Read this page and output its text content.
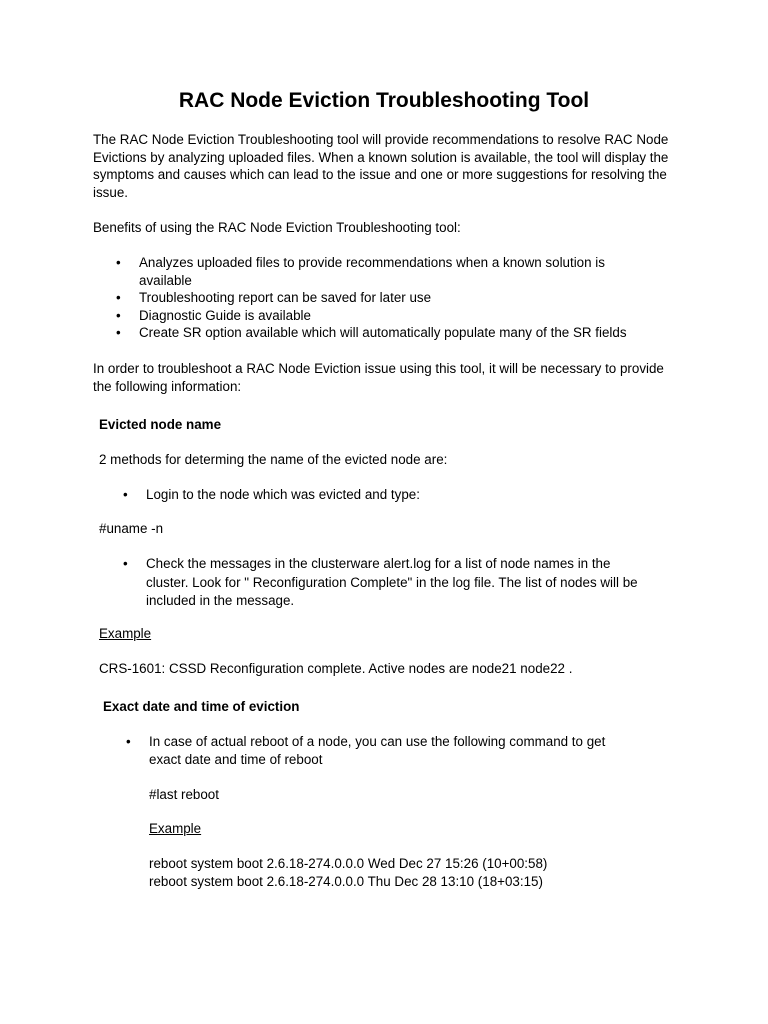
RAC Node Eviction Troubleshooting Tool

The RAC Node Eviction Troubleshooting tool will provide recommendations to resolve RAC Node Evictions by analyzing uploaded files. When a known solution is available, the tool will display the symptoms and causes which can lead to the issue and one or more suggestions for resolving the issue.

Benefits of using the RAC Node Eviction Troubleshooting tool:

• Analyzes uploaded files to provide recommendations when a known solution is available
• Troubleshooting report can be saved for later use
• Diagnostic Guide is available
• Create SR option available which will automatically populate many of the SR fields

In order to troubleshoot a RAC Node Eviction issue using this tool, it will be necessary to provide the following information:

Evicted node name

2 methods for determing the name of the evicted node are:

• Login to the node which was evicted and type:

#uname -n

• Check the messages in the clusterware alert.log for a list of node names in the cluster. Look for " Reconfiguration Complete" in the log file. The list of nodes will be included in the message.

Example

CRS-1601: CSSD Reconfiguration complete. Active nodes are node21 node22 .

Exact date and time of eviction

• In case of actual reboot of a node, you can use the following command to get exact date and time of reboot

#last reboot

Example

reboot system boot 2.6.18-274.0.0.0 Wed Dec 27 15:26 (10+00:58)

reboot system boot 2.6.18-274.0.0.0 Thu Dec 28 13:10 (18+03:15)
